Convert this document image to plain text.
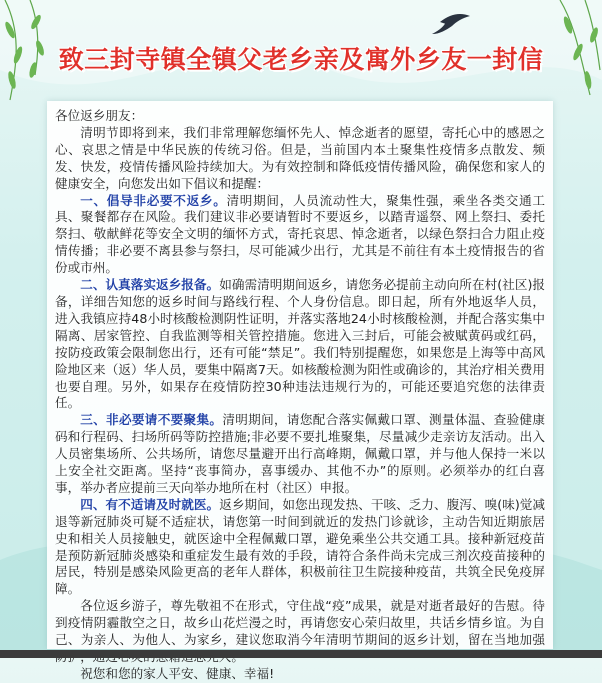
致三封寺镇全镇父老乡亲及寓外乡友一封信

各位返乡朋友：

清明节即将到来，我们非常理解您缅怀先人、悼念逝者的愿望，寄托心中的感恩之心、哀思之情是中华民族的传统习俗。但是，当前国内本土聚集性疫情多点散发、频发、快发，疫情传播风险持续加大。为有效控制和降低疫情传播风险，确保您和家人的健康安全，向您发出如下倡议和提醒：

一、倡导非必要不返乡。清明期间，人员流动性大，聚集性强，乘坐各类交通工具、聚餐都存在风险。我们建议非必要请暂时不要返乡，以踏青遥祭、网上祭扫、委托祭扫、敬献鲜花等安全文明的缅怀方式，寄托哀思、悼念逝者，以绿色祭扫合力阻止疫情传播；非必要不离县参与祭扫，尽可能减少出行，尤其是不前往有本土疫情报告的省份或市州。

二、认真落实返乡报备。如确需清明期间返乡，请您务必提前主动向所在村(社区)报备，详细告知您的返乡时间与路线行程、个人身份信息。即日起，所有外地返华人员，进入我镇应持48小时核酸检测阴性证明，并落实落地24小时核酸检测，并配合落实集中隔离、居家管控、自我监测等相关管控措施。您进入三封后，可能会被赋黄码或红码，按防疫政策会限制您出行，还有可能“禁足”。我们特别提醒您，如果您是上海等中高风险地区来（返）华人员，要集中隔离7天。如核酸检测为阳性或确诊的，其治疗相关费用也要自理。另外，如果存在疫情防控30种违法违规行为的，可能还要追究您的法律责任。

三、非必要请不要聚集。清明期间，请您配合落实佩戴口罩、测量体温、查验健康码和行程码、扫场所码等防控措施;非必要不要扎堆聚集，尽量减少走亲访友活动。出入人员密集场所、公共场所，请您尽量避开出行高峰期，佩戴口罩，并与他人保持一米以上安全社交距离。坚持“丧事简办，喜事缓办、其他不办”的原则。必须举办的红白喜事，举办者应提前三天向举办地所在村（社区）申报。

四、有不适请及时就医。返乡期间，如您出现发热、干咳、乏力、腹泻、嗅(味)觉减退等新冠肺炎可疑不适症状，请您第一时间到就近的发热门诊就诊，主动告知近期旅居史和相关人员接触史，就医途中全程佩戴口罩，避免乘坐公共交通工具。接种新冠疫苗是预防新冠肺炎感染和重症发生最有效的手段，请符合条件尚未完成三剂次疫苗接种的居民，特别是感染风险更高的老年人群体，积极前往卫生院接种疫苗，共筑全民免疫屏障。

各位返乡游子，尊先敬祖不在形式，守住战“疫”成果，就是对逝者最好的告慰。待到疫情阴霾散空之日，故乡山花烂漫之时，再请您安心荣归故里，共话乡情乡谊。为自己、为亲人、为他人、为家乡，建议您取消今年清明节期间的返乡计划，留在当地加强

祝您和您的家人平安、健康、幸福!
